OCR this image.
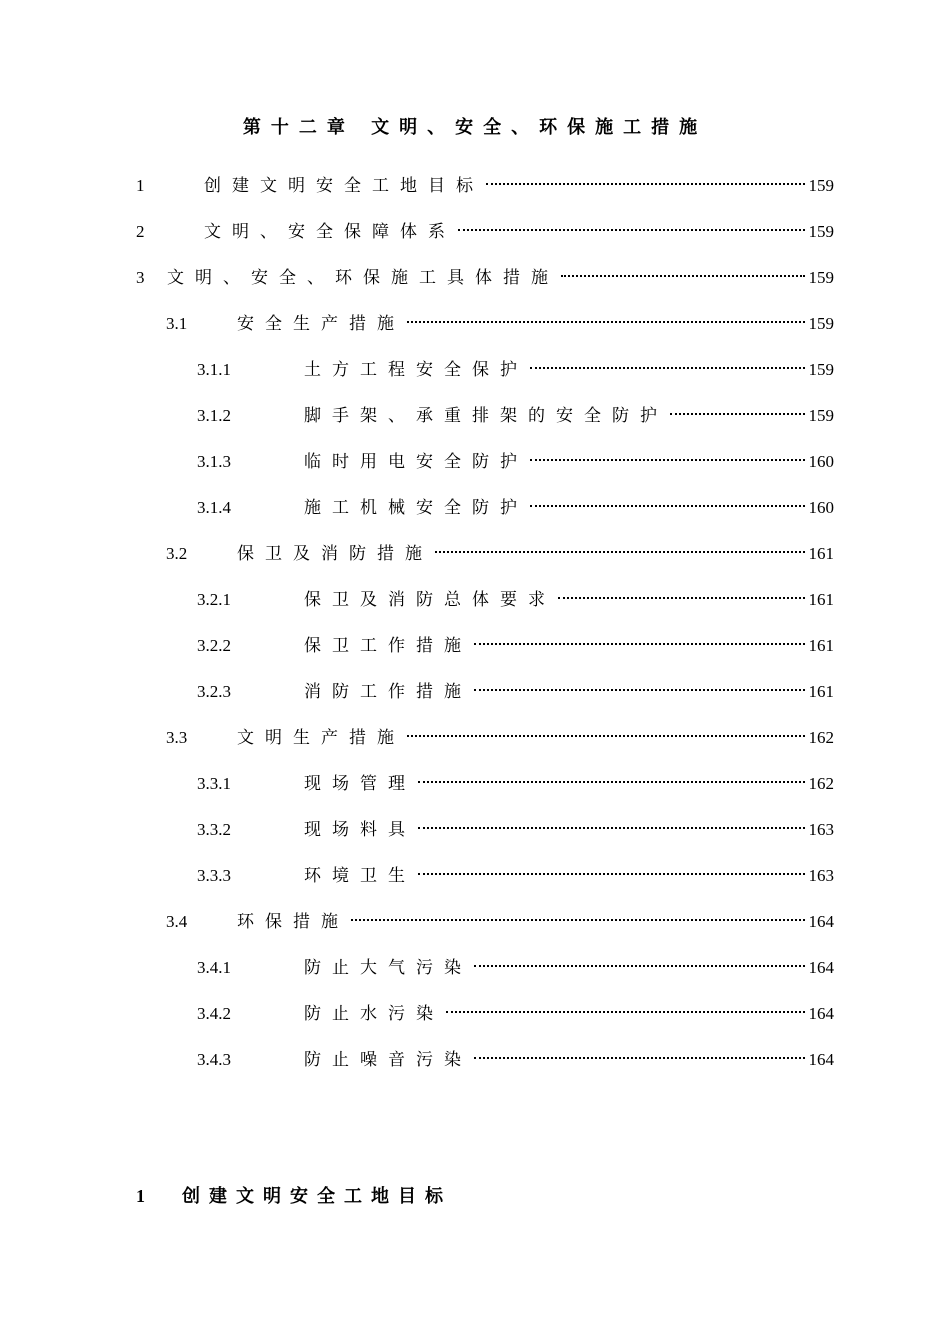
第十二章 文明、安全、环保施工措施
1	创建文明安全工地目标	159
2	文明、安全保障体系	159
3	文明、安全、环保施工具体措施	159
3.1	安全生产措施	159
3.1.1	土方工程安全保护	159
3.1.2	脚手架、承重排架的安全防护	159
3.1.3	临时用电安全防护	160
3.1.4	施工机械安全防护	160
3.2	保卫及消防措施	161
3.2.1	保卫及消防总体要求	161
3.2.2	保卫工作措施	161
3.2.3	消防工作措施	161
3.3	文明生产措施	162
3.3.1	现场管理	162
3.3.2	现场料具	163
3.3.3	环境卫生	163
3.4	环保措施	164
3.4.1	防止大气污染	164
3.4.2	防止水污染	164
3.4.3	防止噪音污染	164
1 创建文明安全工地目标
